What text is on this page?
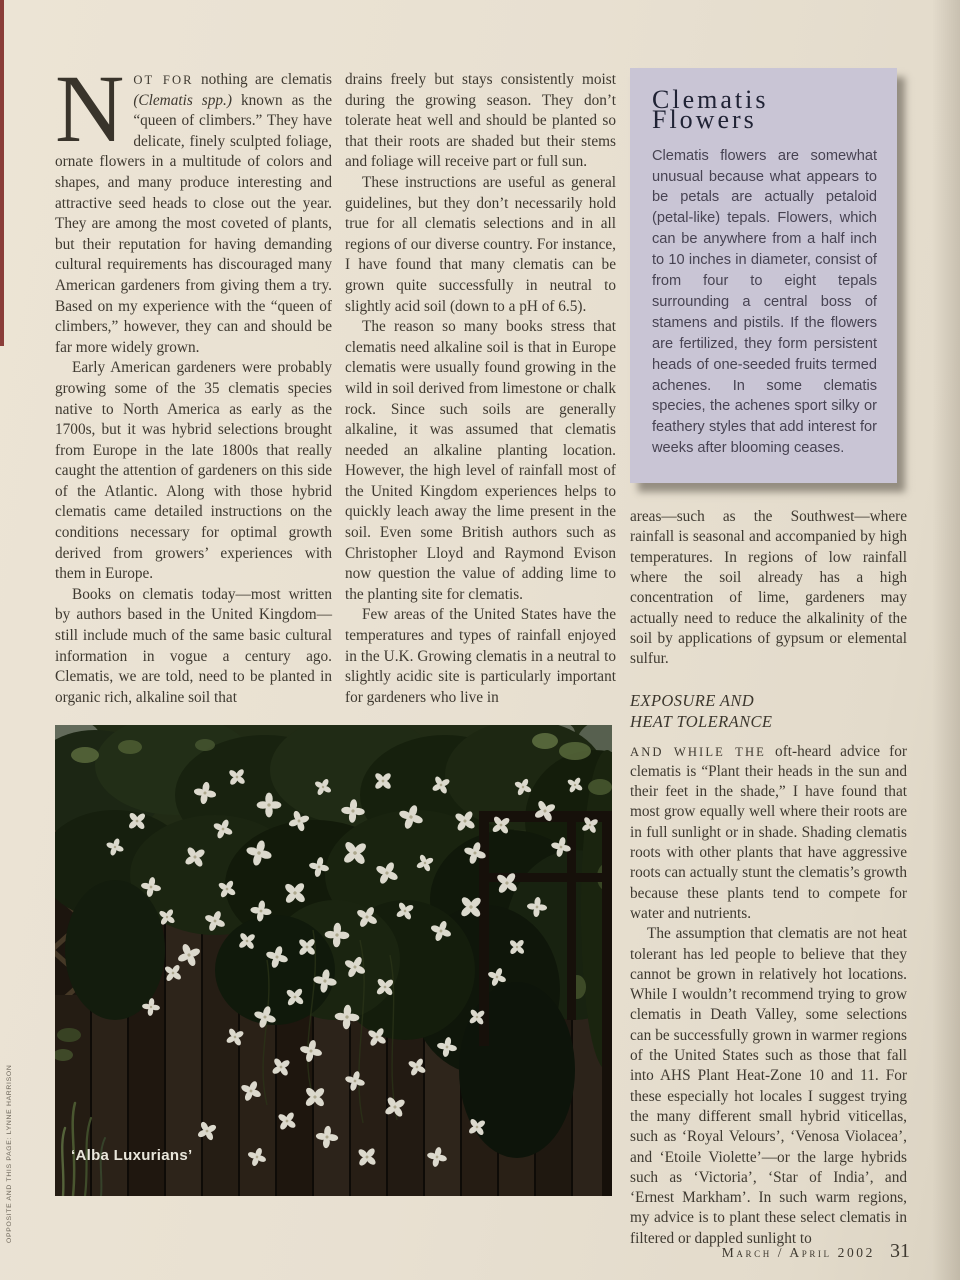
OPPOSITE AND THIS PAGE: LYNNE HARRISON

NOT FOR nothing are clematis (Clematis spp.) known as the “queen of climbers.” They have delicate, finely sculpted foliage, ornate flowers in a multitude of colors and shapes, and many produce interesting and attractive seed heads to close out the year. They are among the most coveted of plants, but their reputation for having demanding cultural requirements has discouraged many American gardeners from giving them a try. Based on my experience with the “queen of climbers,” however, they can and should be far more widely grown.

Early American gardeners were probably growing some of the 35 clematis species native to North America as early as the 1700s, but it was hybrid selections brought from Europe in the late 1800s that really caught the attention of gardeners on this side of the Atlantic. Along with those hybrid clematis came detailed instructions on the conditions necessary for optimal growth derived from growers’ experiences with them in Europe.

Books on clematis today—most written by authors based in the United Kingdom—still include much of the same basic cultural information in vogue a century ago. Clematis, we are told, need to be planted in organic rich, alkaline soil that

drains freely but stays consistently moist during the growing season. They don’t tolerate heat well and should be planted so that their roots are shaded but their stems and foliage will receive part or full sun.

These instructions are useful as general guidelines, but they don’t necessarily hold true for all clematis selections and in all regions of our diverse country. For instance, I have found that many clematis can be grown quite successfully in neutral to slightly acid soil (down to a pH of 6.5).

The reason so many books stress that clematis need alkaline soil is that in Europe clematis were usually found growing in the wild in soil derived from limestone or chalk rock. Since such soils are generally alkaline, it was assumed that clematis needed an alkaline planting location. However, the high level of rainfall most of the United Kingdom experiences helps to quickly leach away the lime present in the soil. Even some British authors such as Christopher Lloyd and Raymond Evison now question the value of adding lime to the planting site for clematis.

Few areas of the United States have the temperatures and types of rainfall enjoyed in the U.K. Growing clematis in a neutral to slightly acidic site is particularly important for gardeners who live in

Clematis Flowers
Clematis flowers are somewhat unusual because what appears to be petals are actually petaloid (petal-like) tepals. Flowers, which can be anywhere from a half inch to 10 inches in diameter, consist of from four to eight tepals surrounding a central boss of stamens and pistils. If the flowers are fertilized, they form persistent heads of one-seeded fruits termed achenes. In some clematis species, the achenes sport silky or feathery styles that add interest for weeks after blooming ceases.

areas—such as the Southwest—where rainfall is seasonal and accompanied by high temperatures. In regions of low rainfall where the soil already has a high concentration of lime, gardeners may actually need to reduce the alkalinity of the soil by applications of gypsum or elemental sulfur.

EXPOSURE AND
HEAT TOLERANCE

AND WHILE THE oft-heard advice for clematis is “Plant their heads in the sun and their feet in the shade,” I have found that most grow equally well where their roots are in full sunlight or in shade. Shading clematis roots with other plants that have aggressive roots can actually stunt the clematis’s growth because these plants tend to compete for water and nutrients.

The assumption that clematis are not heat tolerant has led people to believe that they cannot be grown in relatively hot locations. While I wouldn’t recommend trying to grow clematis in Death Valley, some selections can be successfully grown in warmer regions of the United States such as those that fall into AHS Plant Heat-Zone 10 and 11. For these especially hot locales I suggest trying the many different small hybrid viticellas, such as ‘Royal Velours’, ‘Venosa Violacea’, and ‘Etoile Violette’—or the large hybrids such as ‘Victoria’, ‘Star of India’, and ‘Ernest Markham’. In such warm regions, my advice is to plant these select clematis in filtered or dappled sunlight to

‘Alba Luxurians’
March / April 2002 31
